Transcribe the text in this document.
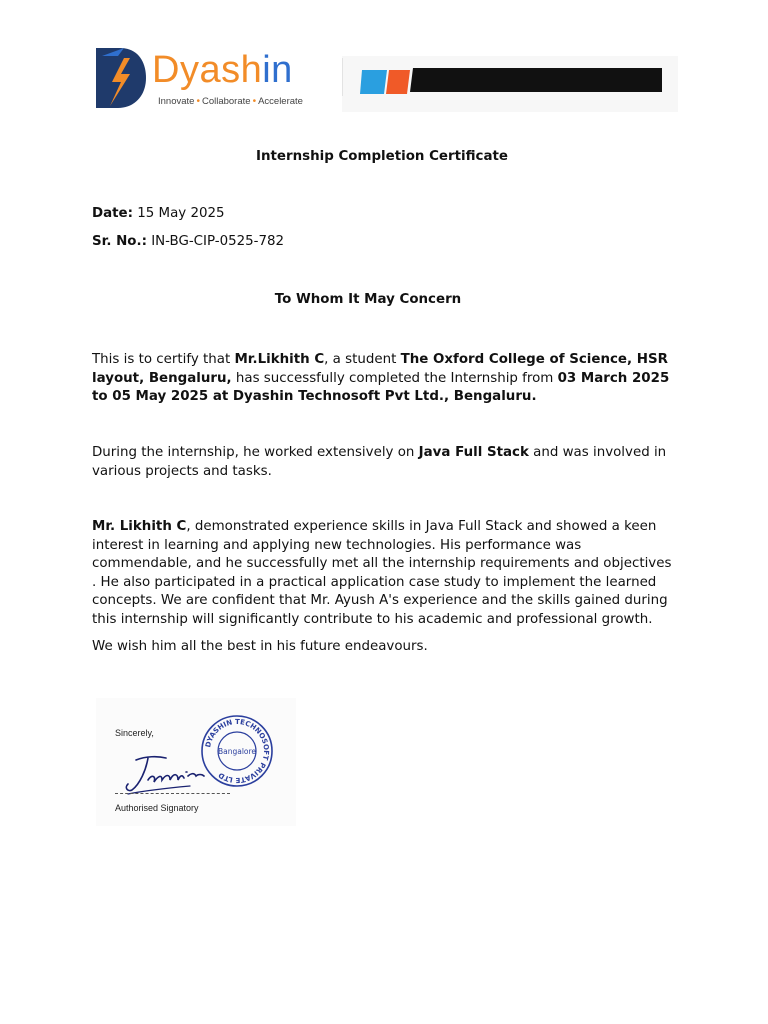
Dyashin
Innovate • Collaborate • Accelerate
Internship Completion Certificate
Date: 15 May 2025
Sr. No.: IN-BG-CIP-0525-782
To Whom It May Concern
This is to certify that Mr.Likhith C, a student The Oxford College of Science, HSR layout, Bengaluru, has successfully completed the Internship from 03 March 2025 to 05 May 2025 at Dyashin Technosoft Pvt Ltd., Bengaluru.
During the internship, he worked extensively on Java Full Stack and was involved in various projects and tasks.
Mr. Likhith C, demonstrated experience skills in Java Full Stack and showed a keen interest in learning and applying new technologies. His performance was commendable, and he successfully met all the internship requirements and objectives . He also participated in a practical application case study to implement the learned concepts. We are confident that Mr. Ayush A's experience and the skills gained during this internship will significantly contribute to his academic and professional growth.
We wish him all the best in his future endeavours.
Sincerely,
Authorised Signatory
DYASHIN TECHNOSOFT PRIVATE LTD
Bangalore
